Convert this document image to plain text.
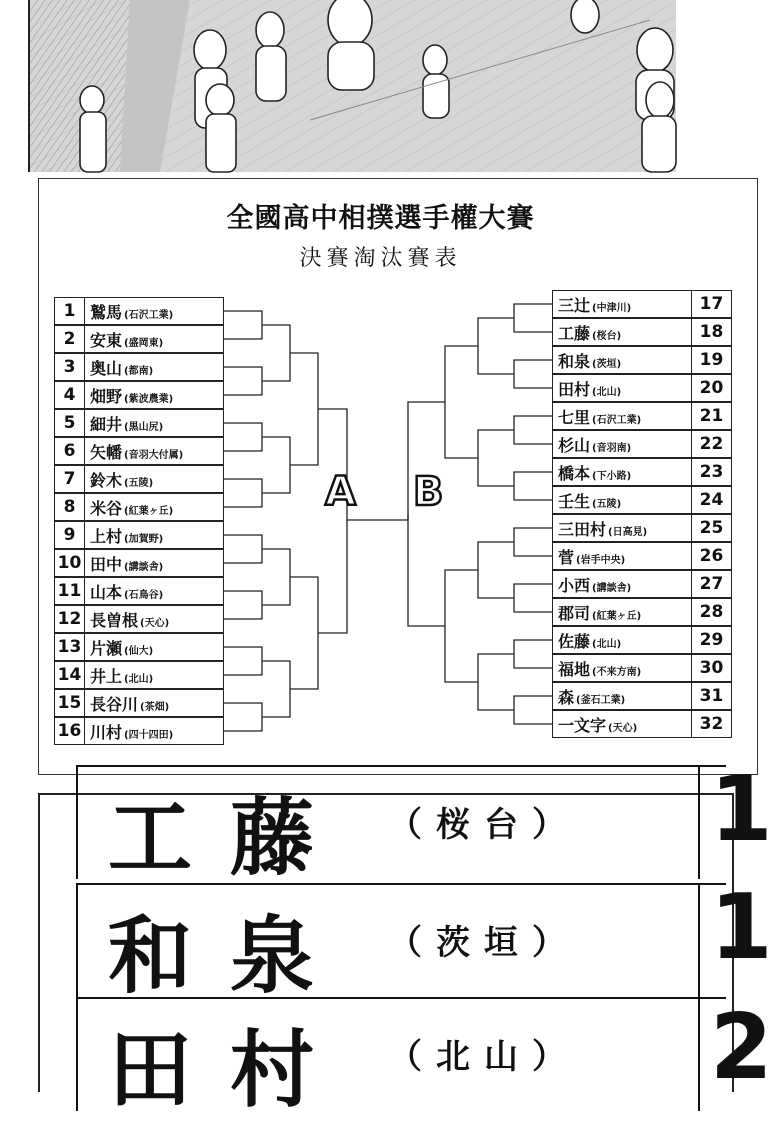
全國高中相撲選手權大賽
決賽淘汰賽表
A B
1 鷲馬 (石沢工業)
2 安東 (盛岡東)
3 奥山 (都南)
4 畑野 (紫波農業)
5 細井 (黒山尻)
6 矢幡 (音羽大付属)
7 鈴木 (五陵)
8 米谷 (紅葉ヶ丘)
9 上村 (加賀野)
10 田中 (講談舎)
11 山本 (石鳥谷)
12 長曽根 (天心)
13 片瀬 (仙大)
14 井上 (北山)
15 長谷川 (茶畑)
16 川村 (四十四田)
17
三辻 (中津川)
18
工藤 (桜台)
19
和泉 (茨垣)
20
田村 (北山)
21
七里 (石沢工業)
22
杉山 (音羽南)
23
橋本 (下小路)
24
壬生 (五陵)
25
三田村 (日高見)
26
菅 (岩手中央)
27
小西 (講談舎)
28
郡司 (紅葉ヶ丘)
29
佐藤 (北山)
30
福地 (不来方南)
31
森 (釜石工業)
32
一文字 (天心)
工藤 （桜台） 1
和泉 （茨垣） 1
田村 （北山） 2
